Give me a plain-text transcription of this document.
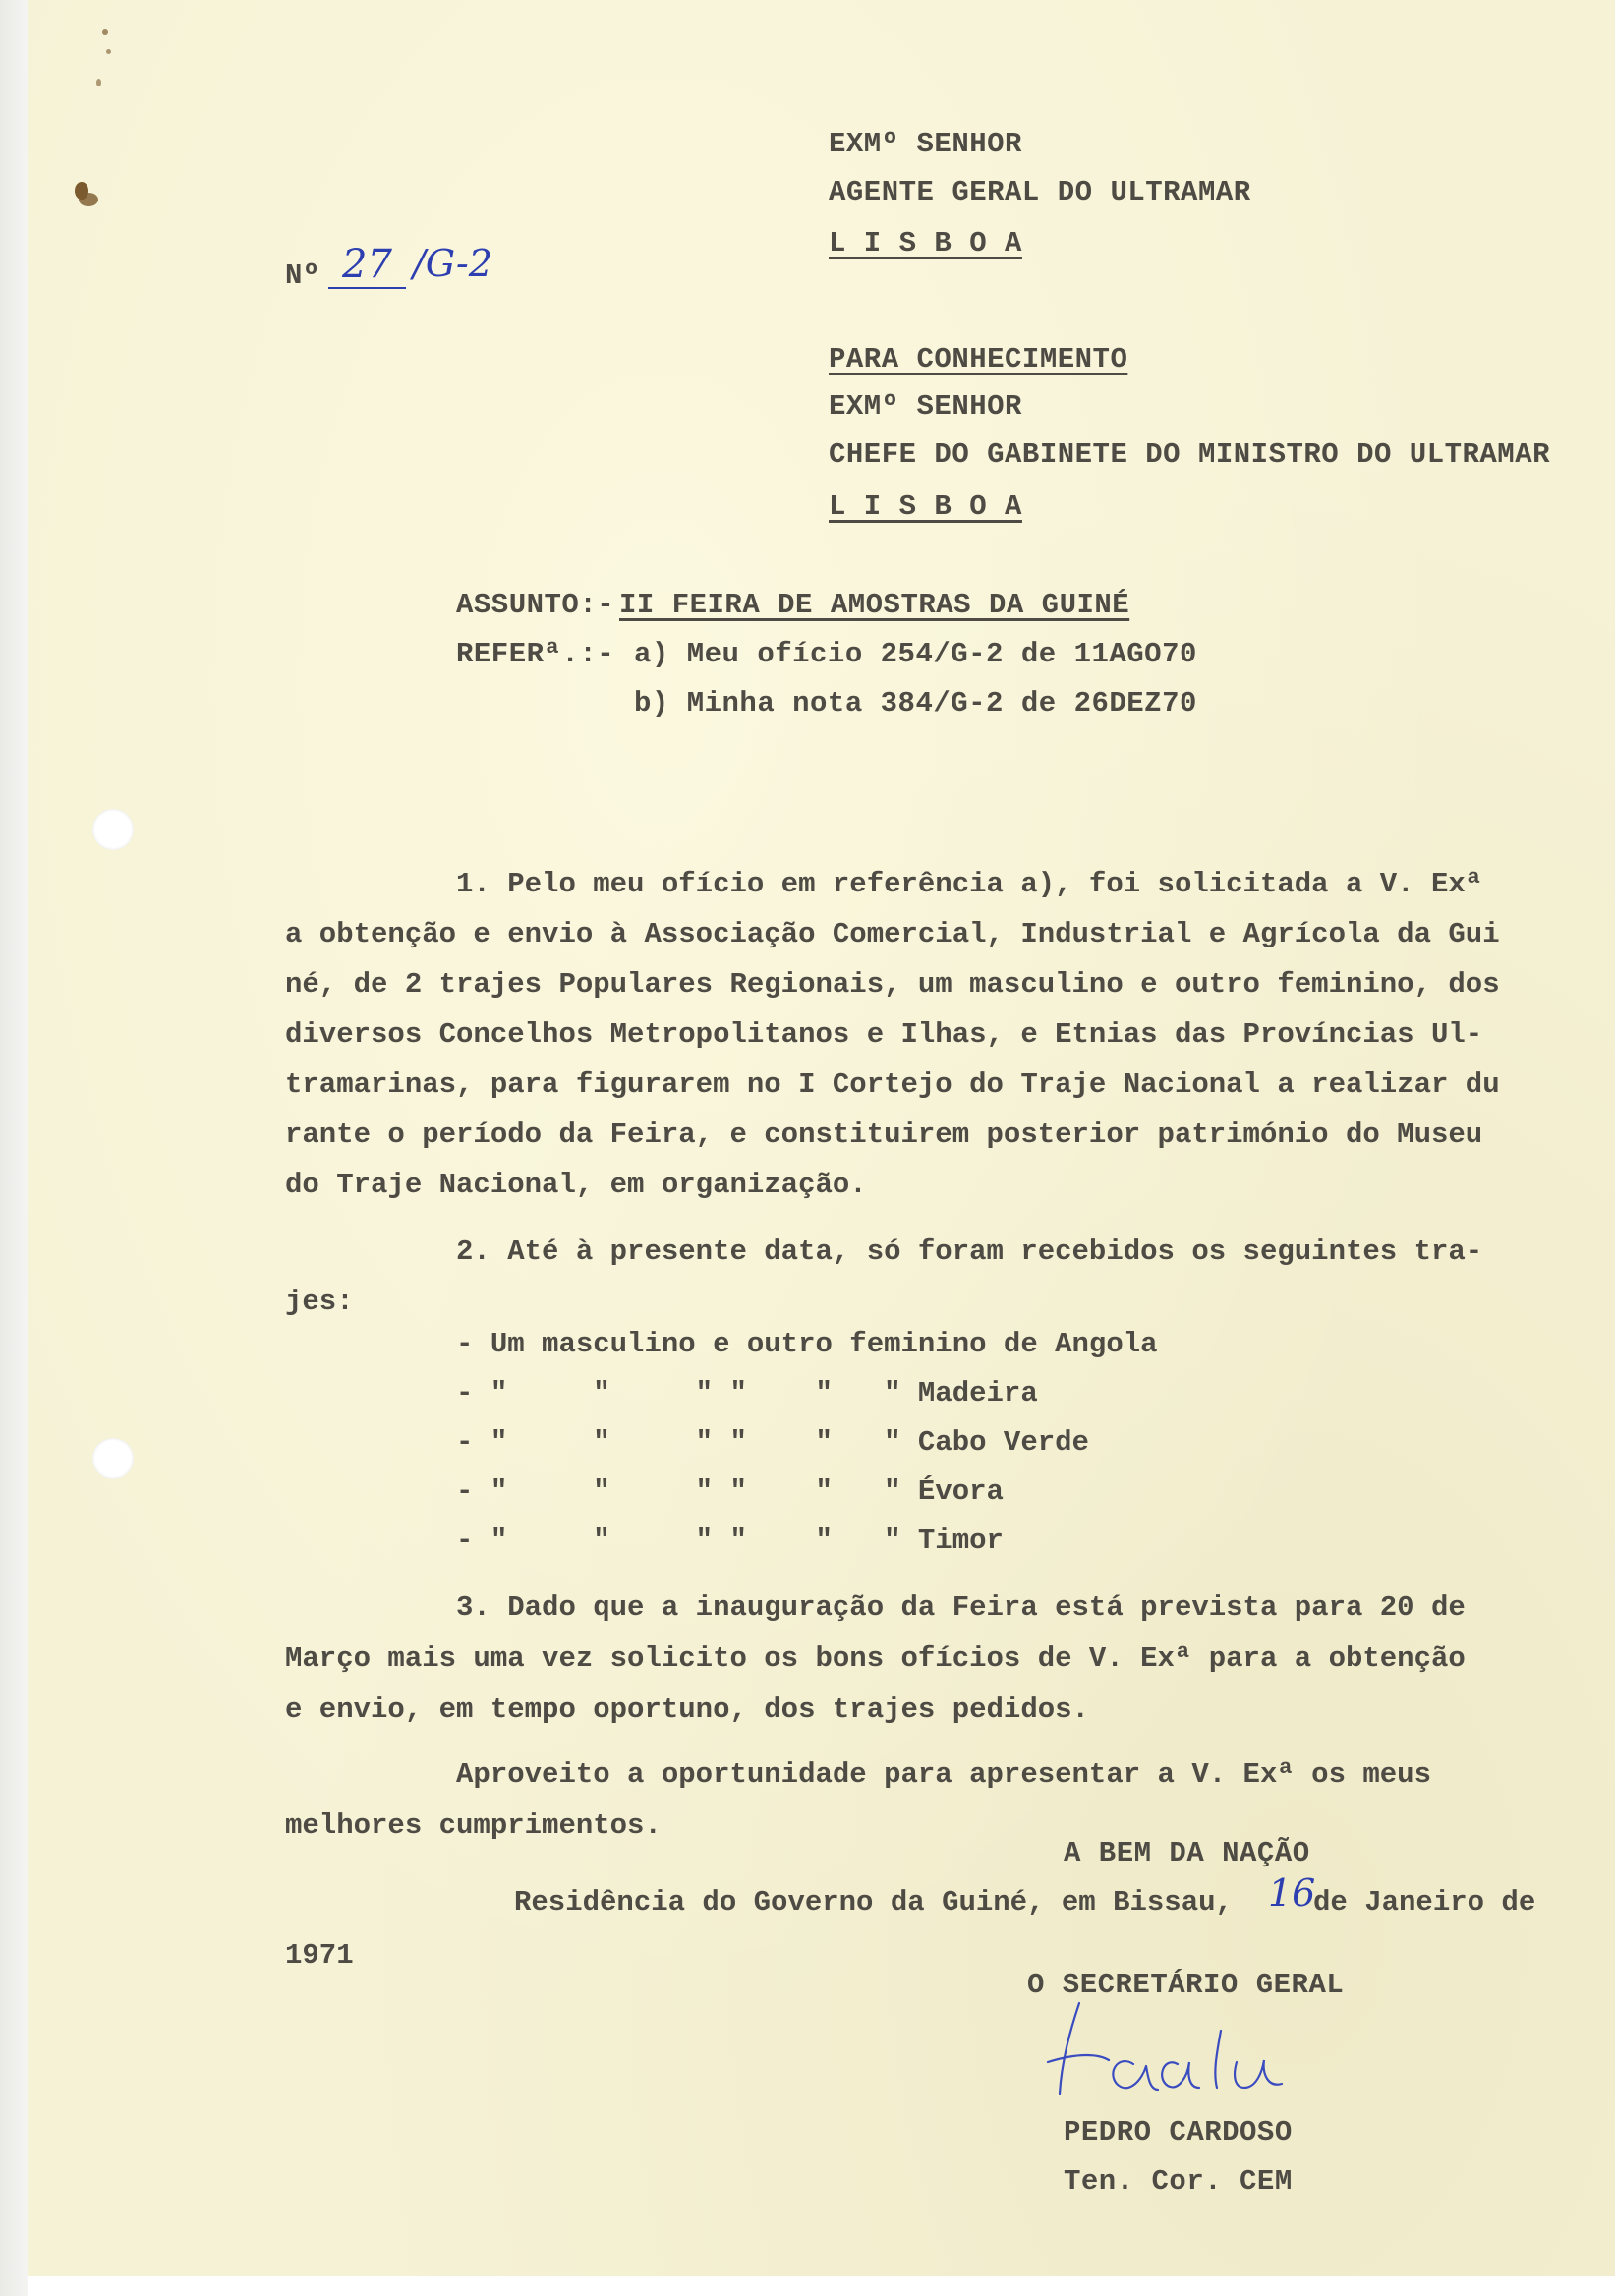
EXMº SENHOR
AGENTE GERAL DO ULTRAMAR
L I S B O A
Nº 27 /G-2
PARA CONHECIMENTO
EXMº SENHOR
CHEFE DO GABINETE DO MINISTRO DO ULTRAMAR
L I S B O A
ASSUNTO:- II FEIRA DE AMOSTRAS DA GUINÉ
REFERª.:- a) Meu ofício 254/G-2 de 11AGO70
b) Minha nota 384/G-2 de 26DEZ70
1. Pelo meu ofício em referência a), foi solicitada a V. Exª
a obtenção e envio à Associação Comercial, Industrial e Agrícola da Gui
né, de 2 trajes Populares Regionais, um masculino e outro feminino, dos
diversos Concelhos Metropolitanos e Ilhas, e Etnias das Províncias Ul-
tramarinas, para figurarem no I Cortejo do Traje Nacional a realizar du
rante o período da Feira, e constituirem posterior património do Museu
do Traje Nacional, em organização.
2. Até à presente data, só foram recebidos os seguintes tra-
jes:
- Um masculino e outro feminino de Angola
- "     "     " "    "   " Madeira
- "     "     " "    "   " Cabo Verde
- "     "     " "    "   " Évora
- "     "     " "    "   " Timor
3. Dado que a inauguração da Feira está prevista para 20 de
Março mais uma vez solicito os bons ofícios de V. Exª para a obtenção
e envio, em tempo oportuno, dos trajes pedidos.
Aproveito a oportunidade para apresentar a V. Exª os meus
melhores cumprimentos.
A BEM DA NAÇÃO
Residência do Governo da Guiné, em Bissau, 16
de Janeiro de
1971
O SECRETÁRIO GERAL
PEDRO CARDOSO
Ten. Cor. CEM
